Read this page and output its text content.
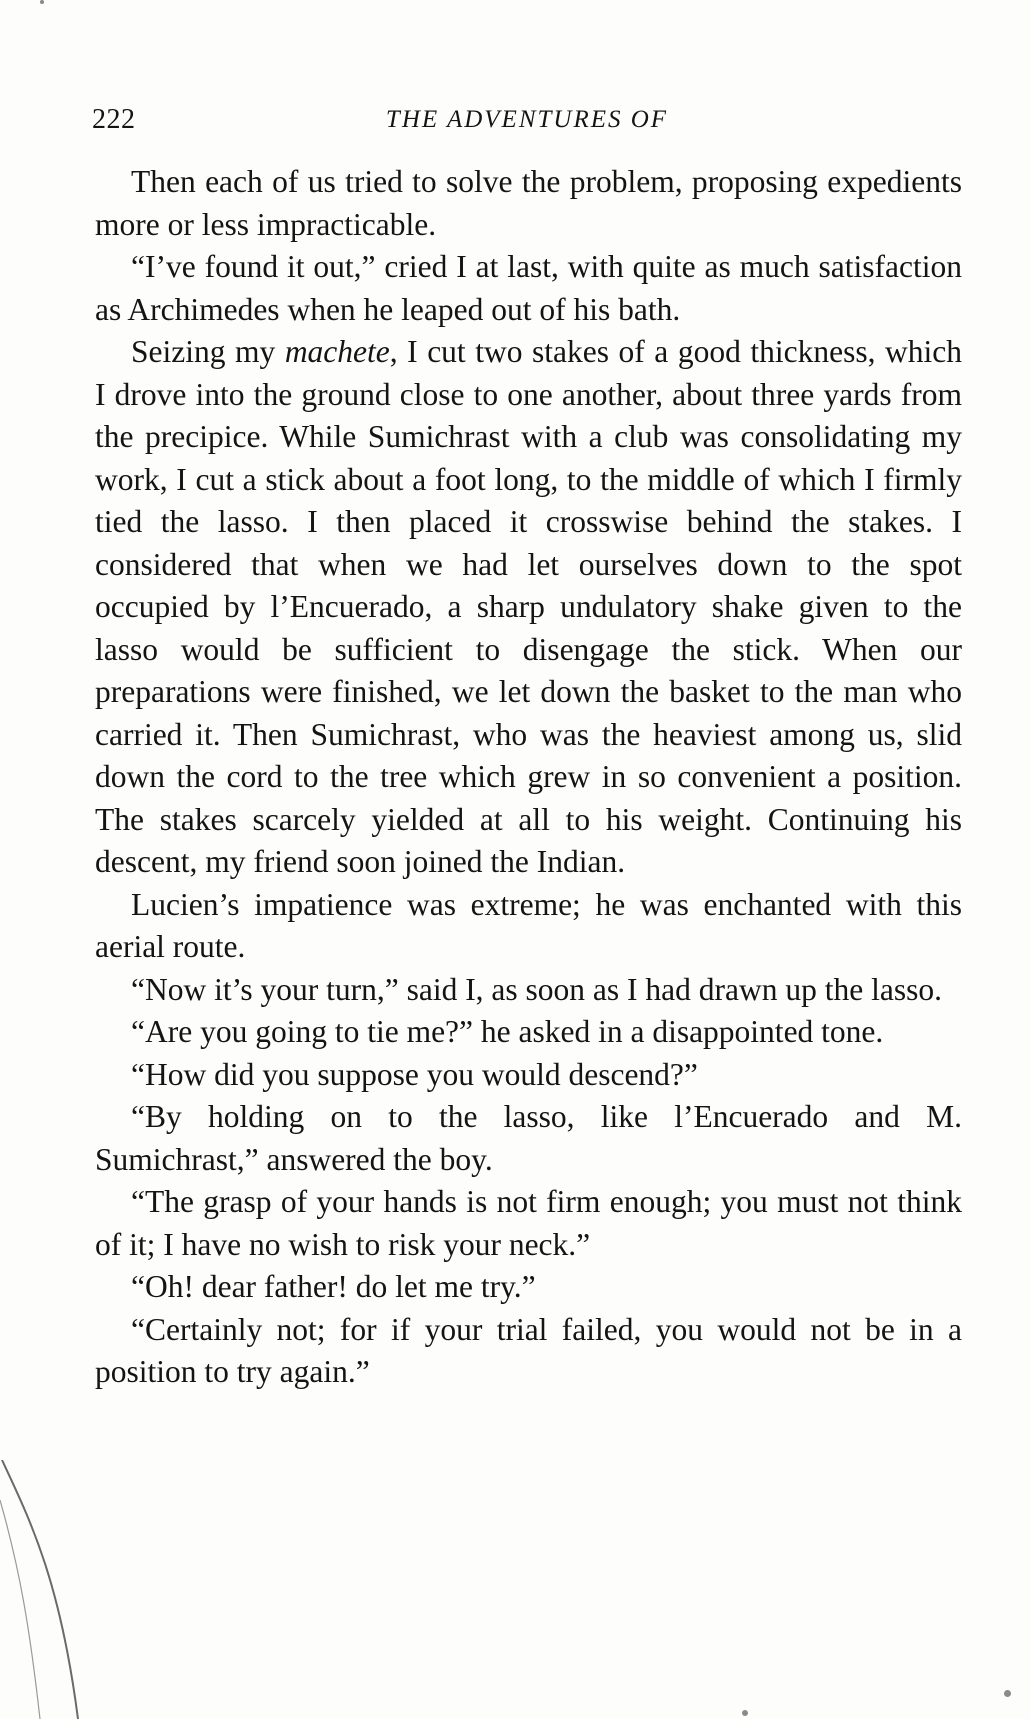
222	THE ADVENTURES OF

Then each of us tried to solve the problem, proposing expedients more or less impracticable.

“I’ve found it out,” cried I at last, with quite as much satisfaction as Archimedes when he leaped out of his bath.

Seizing my machete, I cut two stakes of a good thickness, which I drove into the ground close to one another, about three yards from the precipice. While Sumichrast with a club was consolidating my work, I cut a stick about a foot long, to the middle of which I firmly tied the lasso. I then placed it crosswise behind the stakes. I considered that when we had let ourselves down to the spot occupied by l’Encuerado, a sharp undulatory shake given to the lasso would be sufficient to disengage the stick. When our preparations were finished, we let down the basket to the man who carried it. Then Sumichrast, who was the heaviest among us, slid down the cord to the tree which grew in so convenient a position. The stakes scarcely yielded at all to his weight. Continuing his descent, my friend soon joined the Indian.

Lucien’s impatience was extreme; he was enchanted with this aerial route.

“Now it’s your turn,” said I, as soon as I had drawn up the lasso.

“Are you going to tie me?” he asked in a disappointed tone.

“How did you suppose you would descend?”

“By holding on to the lasso, like l’Encuerado and M. Sumichrast,” answered the boy.

“The grasp of your hands is not firm enough; you must not think of it; I have no wish to risk your neck.”

“Oh! dear father! do let me try.”

“Certainly not; for if your trial failed, you would not be in a position to try again.”
